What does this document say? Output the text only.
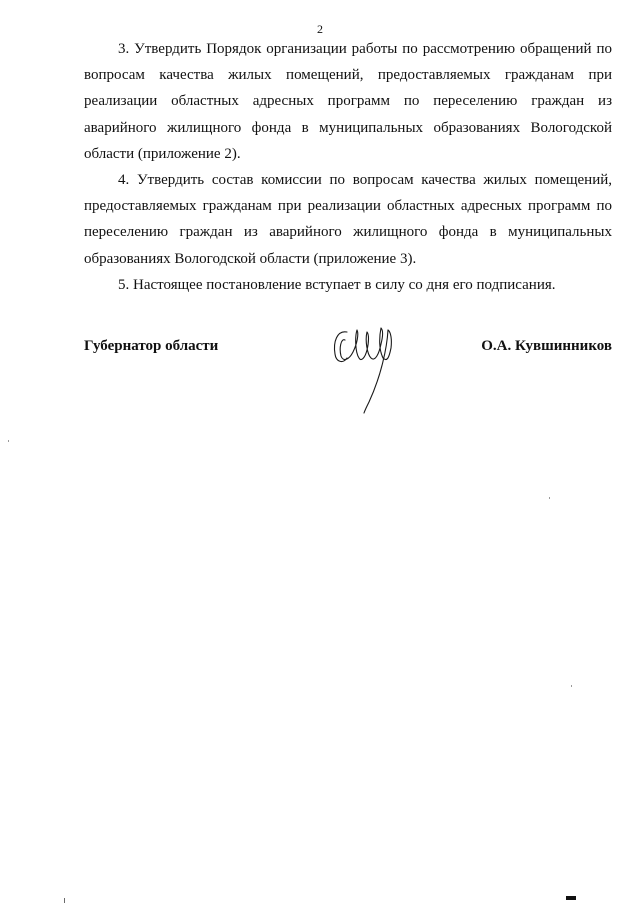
2

3. Утвердить Порядок организации работы по рассмотрению обращений по вопросам качества жилых помещений, предоставляемых гражданам при реализации областных адресных программ по переселению граждан из аварийного жилищного фонда в муниципальных образованиях Вологодской области (приложение 2).

4. Утвердить состав комиссии по вопросам качества жилых помещений, предоставляемых гражданам при реализации областных адресных программ по переселению граждан из аварийного жилищного фонда в муниципальных образованиях Вологодской области (приложение 3).

5. Настоящее постановление вступает в силу со дня его подписания.

Губернатор области	О.А. Кувшинников
